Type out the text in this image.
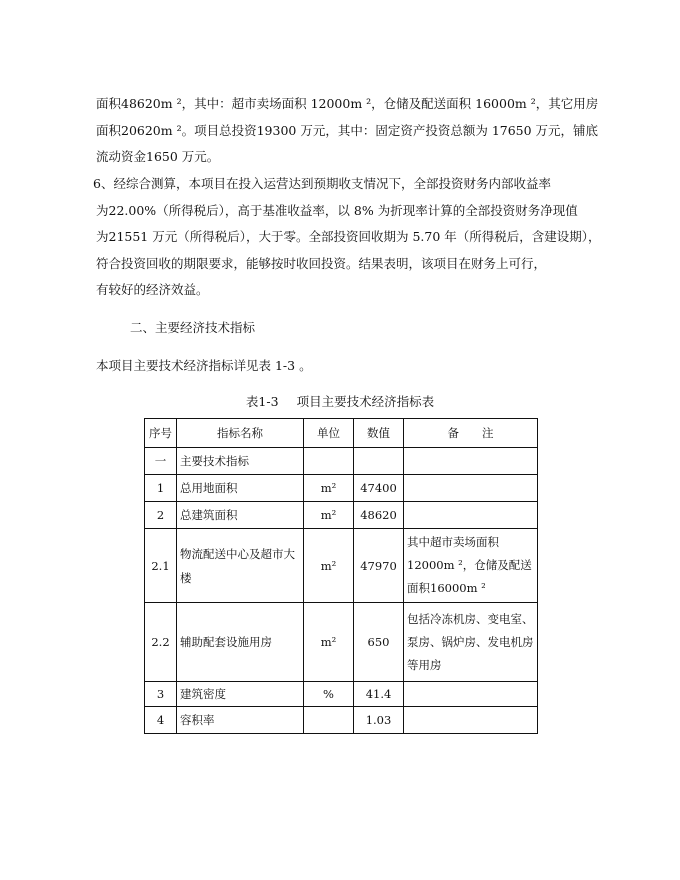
面积48620m ²，其中：超市卖场面积 12000m ²，仓储及配送面积 16000m ²，其它用房

面积20620m ²。项目总投资19300 万元，其中：固定资产投资总额为 17650 万元，铺底

流动资金1650 万元。

6、经综合测算，本项目在投入运营达到预期收支情况下，全部投资财务内部收益率

为22.00%（所得税后），高于基准收益率，以 8% 为折现率计算的全部投资财务净现值

为21551 万元（所得税后），大于零。全部投资回收期为 5.70 年（所得税后，含建设期），

符合投资回收的期限要求，能够按时收回投资。结果表明，该项目在财务上可行，

有较好的经济效益。

二、主要经济技术指标
本项目主要技术经济指标详见表 1-3 。
表1-3 项目主要技术经济指标表
序号	指标名称	单位	数值	备　　注
一	主要技术指标			
1	总用地面积	m²	47400	
2	总建筑面积	m²	48620	
2.1	物流配送中心及超市大楼	m²	47970	其中超市卖场面积12000m ²，仓储及配送面积16000m ²
2.2	辅助配套设施用房	m²	650	包括冷冻机房、变电室、泵房、锅炉房、发电机房等用房
3	建筑密度	%	41.4	
4	容积率		1.03	
